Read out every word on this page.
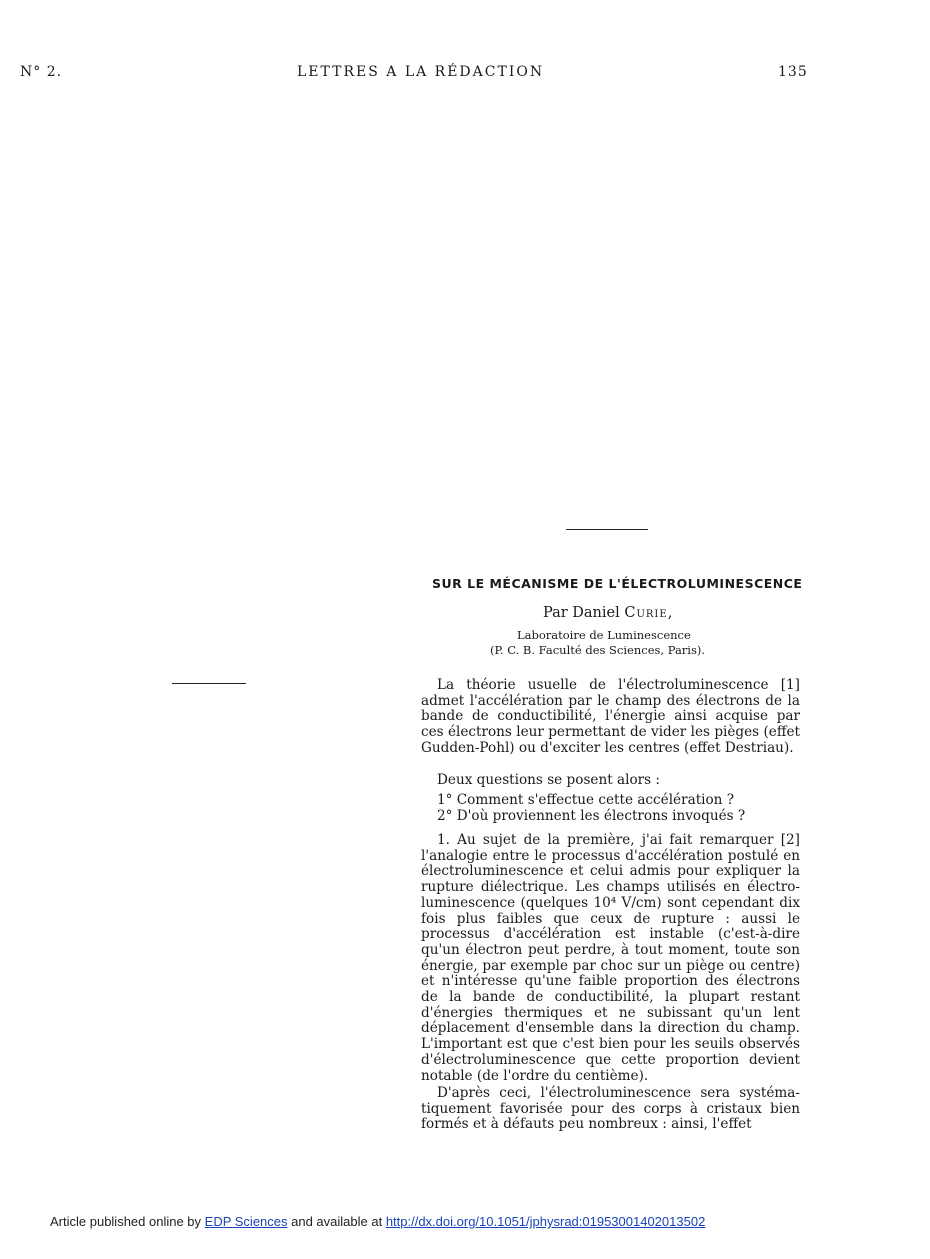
N° 2.	LETTRES A LA RÉDACTION	135
SUR LE MÉCANISME DE L'ÉLECTROLUMINESCENCE
Par Daniel Curie,
Laboratoire de Luminescence
(P. C. B. Faculté des Sciences, Paris).

La théorie usuelle de l'électroluminescence [1] admet l'accélération par le champ des électrons de la bande de conductibilité, l'énergie ainsi acquise par ces électrons leur permettant de vider les pièges (effet Gudden-Pohl) ou d'exciter les centres (effet Destriau).

Deux questions se posent alors :

1° Comment s'effectue cette accélération ?
2° D'où proviennent les électrons invoqués ?

1. Au sujet de la première, j'ai fait remarquer [2] l'analogie entre le processus d'accélération postulé en électroluminescence et celui admis pour expliquer la rupture diélectrique. Les champs utilisés en électroluminescence (quelques 10⁴ V/cm) sont cependant dix fois plus faibles que ceux de rupture : aussi le processus d'accélération est instable (c'est-à-dire qu'un électron peut perdre, à tout moment, toute son énergie, par exemple par choc sur un piège ou centre) et n'intéresse qu'une faible proportion des électrons de la bande de conductibilité, la plupart restant d'énergies thermiques et ne subissant qu'un lent déplacement d'ensemble dans la direction du champ. L'important est que c'est bien pour les seuils observés d'électroluminescence que cette proportion devient notable (de l'ordre du centième).

D'après ceci, l'électroluminescence sera systématiquement favorisée pour des corps à cristaux bien formés et à défauts peu nombreux : ainsi, l'effet

Article published online by EDP Sciences and available at http://dx.doi.org/10.1051/jphysrad:01953001402013502
